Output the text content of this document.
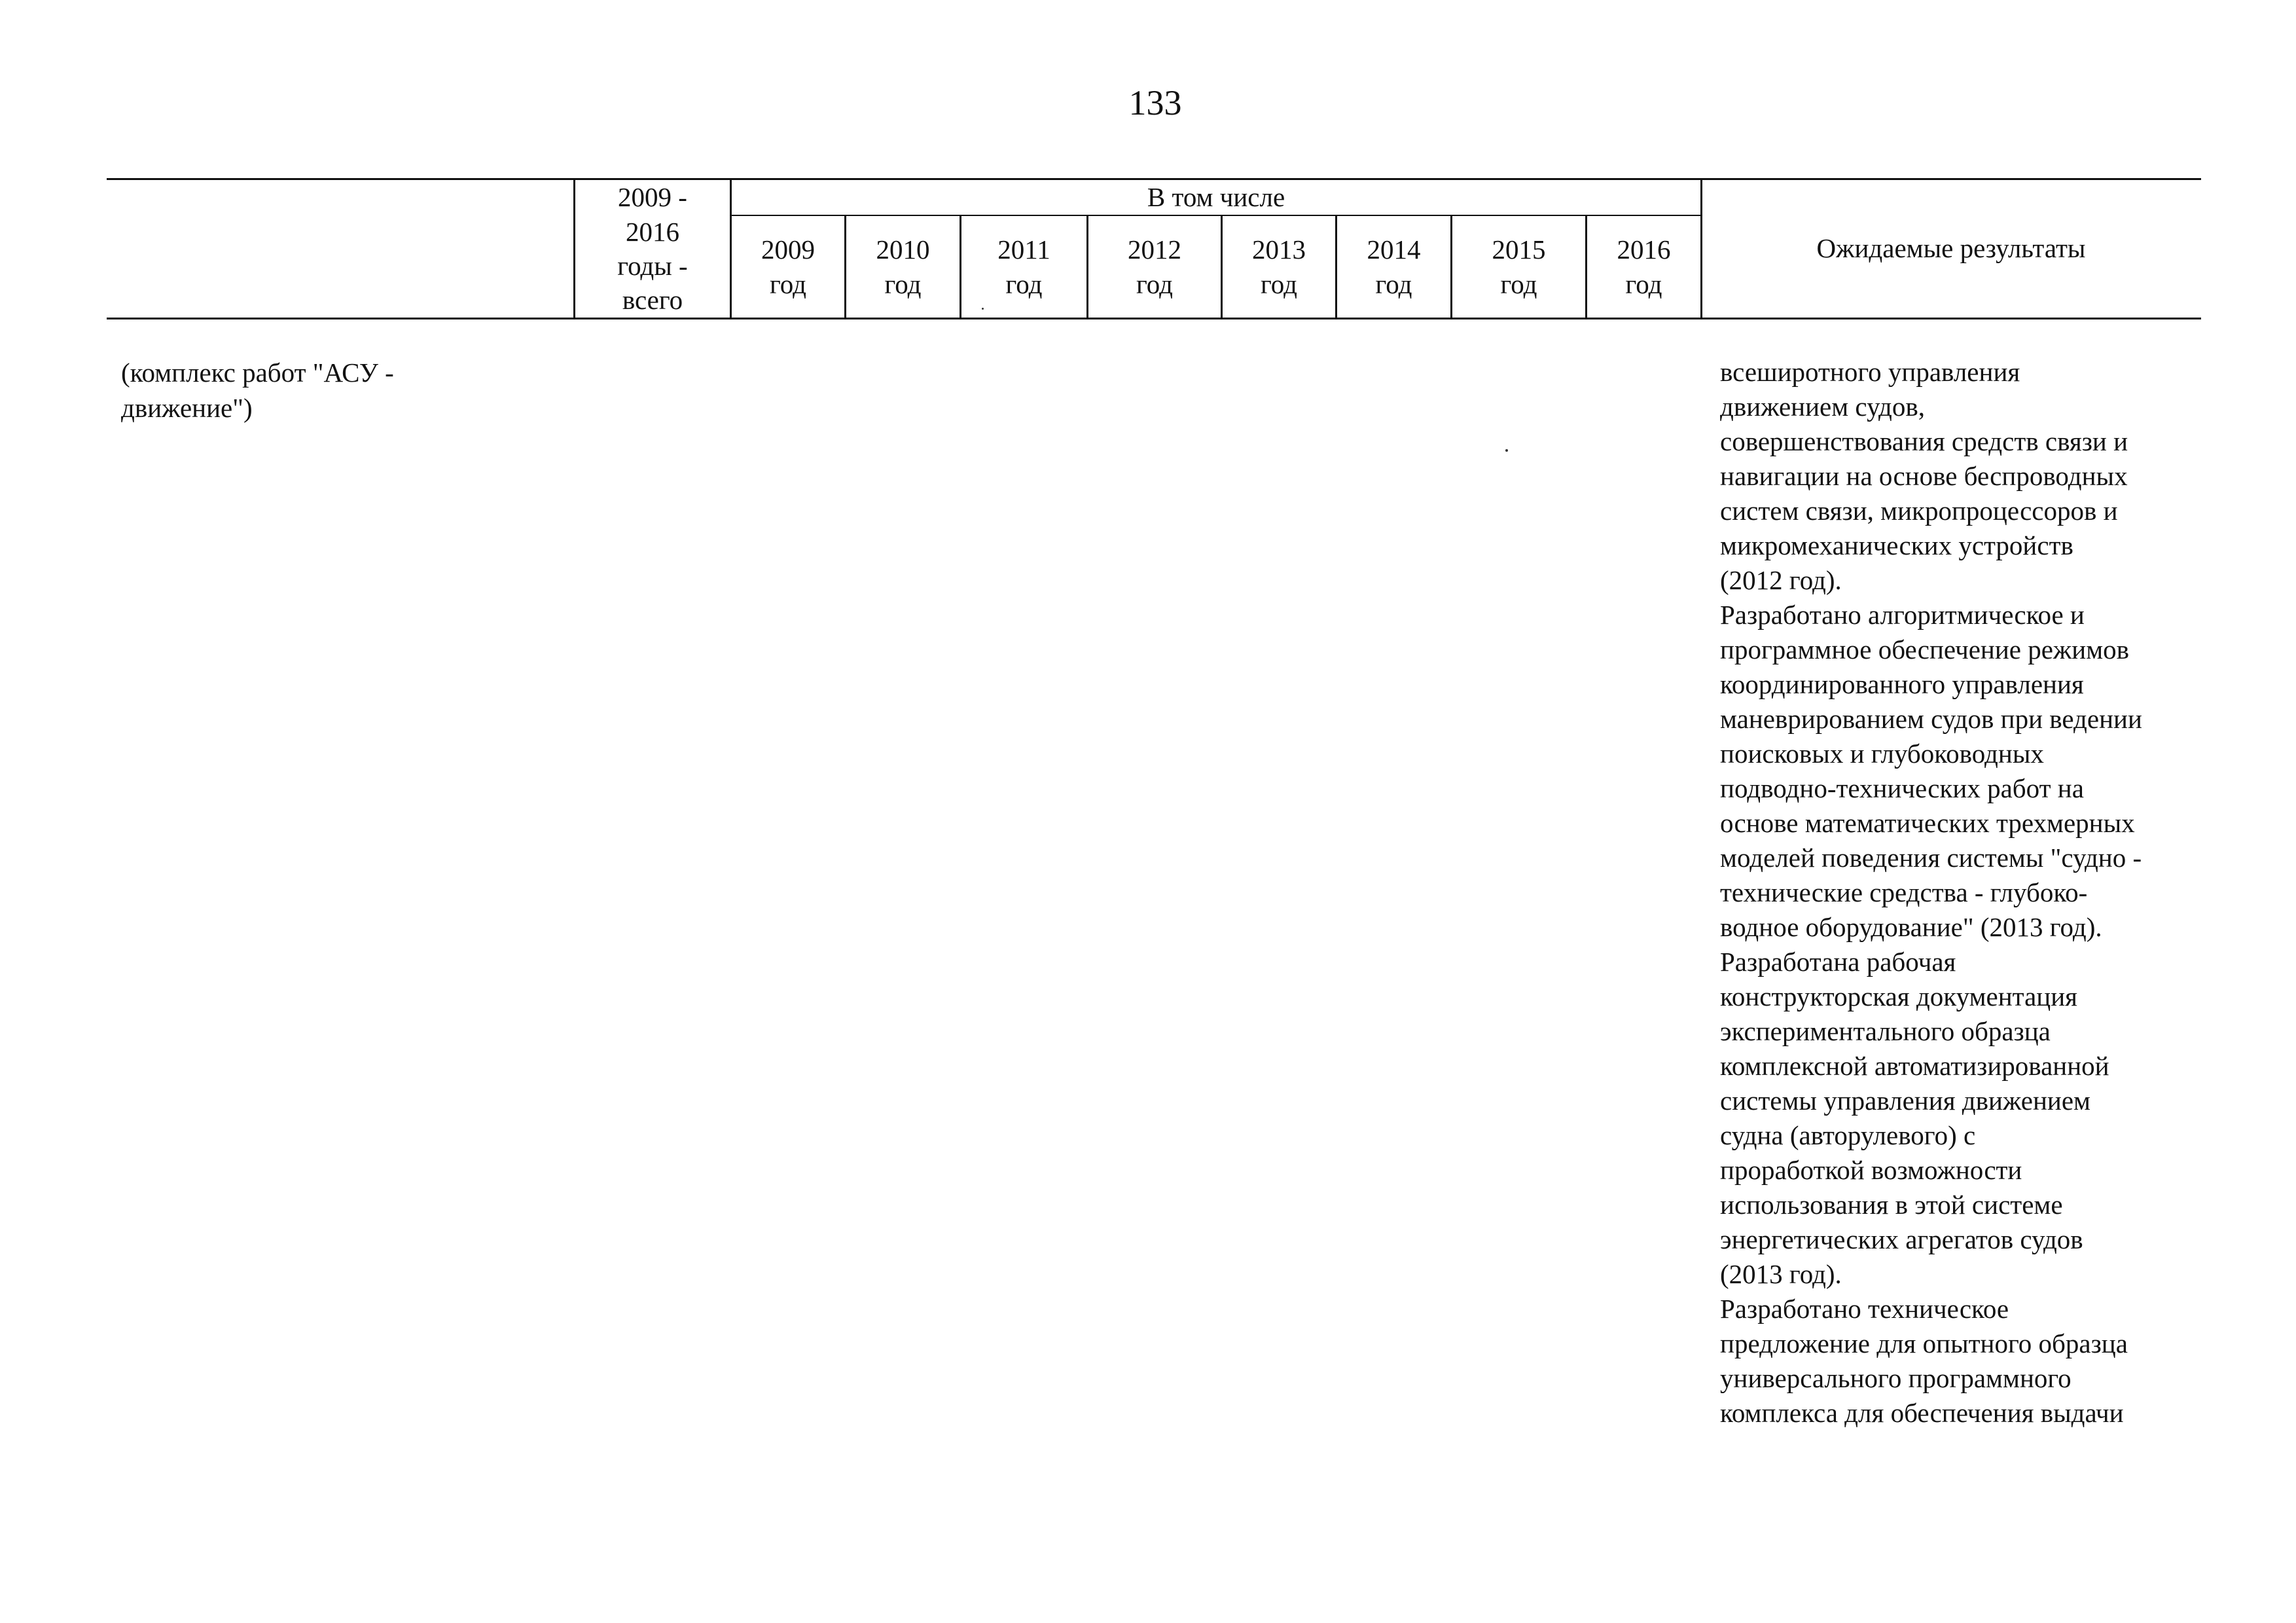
133
2009 -
2016
годы -
всего
В том числе
2009
год
2010
год
2011
год
2012
год
2013
год
2014
год
2015
год
2016
год
Ожидаемые результаты
(комплекс работ "АСУ -
движение")
всеширотного управления
движением судов,
совершенствования средств связи и
навигации на основе беспроводных
систем связи, микропроцессоров и
микромеханических устройств
(2012 год).
Разработано алгоритмическое и
программное обеспечение режимов
координированного управления
маневрированием судов при ведении
поисковых и глубоководных
подводно-технических работ на
основе математических трехмерных
моделей поведения системы "судно -
технические средства - глубоко-
водное оборудование" (2013 год).
Разработана рабочая
конструкторская документация
экспериментального образца
комплексной автоматизированной
системы управления движением
судна (авторулевого) с
проработкой возможности
использования в этой системе
энергетических агрегатов судов
(2013 год).
Разработано техническое
предложение для опытного образца
универсального программного
комплекса для обеспечения выдачи
